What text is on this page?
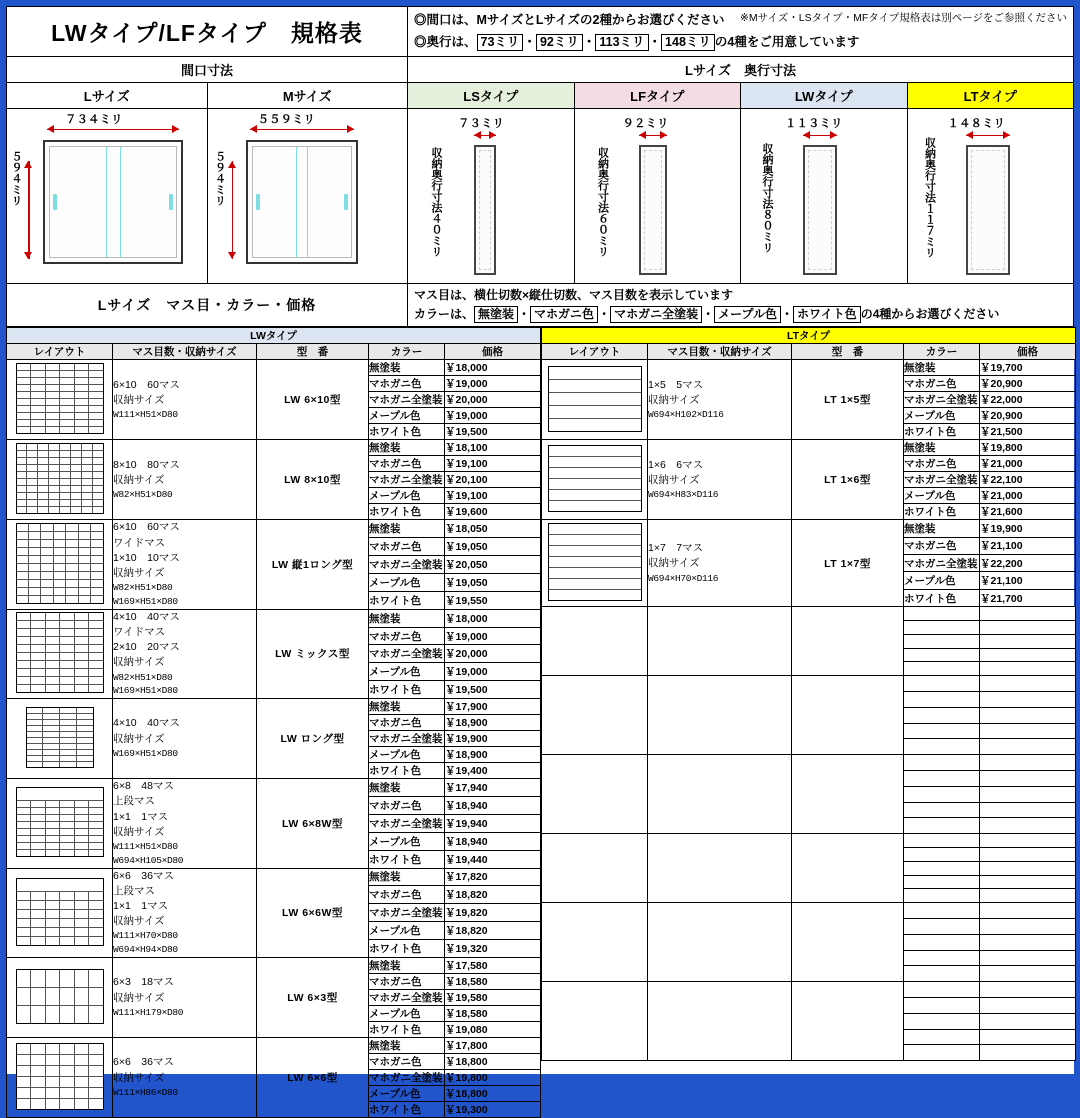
LWタイプ/LFタイプ　規格表	◎間口は、MサイズとLサイズの2種からお選びください ※Mサイズ・LSタイプ・MFタイプ規格表は別ページをご参照ください
◎奥行は、 73ミリ ・ 92ミリ ・ 113ミリ ・ 148ミリ の4種をご用意しています
間口寸法
Lサイズ	Mサイズ
７３４ミリ
５９４ミリ
５５９ミリ
５９４ミリ
Lサイズ　奥行寸法
LSタイプ	LFタイプ	LWタイプ	LTタイプ
７３ミリ
収納奥行寸法４０ミリ
９２ミリ
収納奥行寸法６０ミリ
１１３ミリ
収納奥行寸法８０ミリ
１４８ミリ
収納奥行寸法１１７ミリ
Lサイズ　マス目・カラー・価格
マス目は、横仕切数×縦仕切数、マス目数を表示しています
カラーは、 無塗装 ・ マホガニ色 ・ マホガニ全塗装 ・ メープル色 ・ ホワイト色 の4種からお選びください
LWタイプ				
レイアウト	マス目数・収納サイズ	型　番	カラー	価格

	6×10　60マス
収納サイズ
W111×H51×D80	LW 6×10型	無塗装	￥18,000
			マホガニ色	￥19,000
			マホガニ全塗装	￥20,000
			メープル色	￥19,000
			ホワイト色	￥19,500

	8×10　80マス
収納サイズ
W82×H51×D80	LW 8×10型	無塗装	￥18,100
			マホガニ色	￥19,100
			マホガニ全塗装	￥20,100
			メープル色	￥19,100
			ホワイト色	￥19,600

6×10　60マス
ワイドマス
1×10　10マス
収納サイズ
W82×H51×D80
W169×H51×D80
	LW 縦1ロング型	無塗装	￥18,050
			マホガニ色	￥19,050
			マホガニ全塗装	￥20,050
			メープル色	￥19,050
			ホワイト色	￥19,550

4×10　40マス
ワイドマス
2×10　20マス
収納サイズ
W82×H51×D80
W169×H51×D80
	LW ミックス型	無塗装	￥18,000
			マホガニ色	￥19,000
			マホガニ全塗装	￥20,000
			メープル色	￥19,000
			ホワイト色	￥19,500

	4×10　40マス
収納サイズ
W169×H51×D80	LW ロング型	無塗装	￥17,900
			マホガニ色	￥18,900
			マホガニ全塗装	￥19,900
			メープル色	￥18,900
			ホワイト色	￥19,400

6×8　48マス
上段マス
1×1　1マス
収納サイズ
W111×H51×D80
W694×H105×D80
	LW 6×8W型	無塗装	￥17,940
			マホガニ色	￥18,940
			マホガニ全塗装	￥19,940
			メープル色	￥18,940
			ホワイト色	￥19,440

6×6　36マス
上段マス
1×1　1マス
収納サイズ
W111×H70×D80
W694×H94×D80
	LW 6×6W型	無塗装	￥17,820
			マホガニ色	￥18,820
			マホガニ全塗装	￥19,820
			メープル色	￥18,820
			ホワイト色	￥19,320

	6×3　18マス
収納サイズ
W111×H179×D80	LW 6×3型	無塗装	￥17,580
			マホガニ色	￥18,580
			マホガニ全塗装	￥19,580
			メープル色	￥18,580
			ホワイト色	￥19,080

	6×6　36マス
収納サイズ
W111×H86×D80	LW 6×6型	無塗装	￥17,800
			マホガニ色	￥18,800
			マホガニ全塗装	￥19,800
			メープル色	￥18,800
			ホワイト色	￥19,300
LTタイプ				
レイアウト	マス目数・収納サイズ	型　番	カラー	価格

	1×5　5マス
収納サイズ
W694×H102×D116	LT 1×5型	無塗装	￥19,700
			マホガニ色	￥20,900
			マホガニ全塗装	￥22,000
			メープル色	￥20,900
			ホワイト色	￥21,500

	1×6　6マス
収納サイズ
W694×H83×D116	LT 1×6型	無塗装	￥19,800
			マホガニ色	￥21,000
			マホガニ全塗装	￥22,100
			メープル色	￥21,000
			ホワイト色	￥21,600

	1×7　7マス
収納サイズ
W694×H70×D116	LT 1×7型	無塗装	￥19,900
			マホガニ色	￥21,100
			マホガニ全塗装	￥22,200
			メープル色	￥21,100
			ホワイト色	￥21,700
